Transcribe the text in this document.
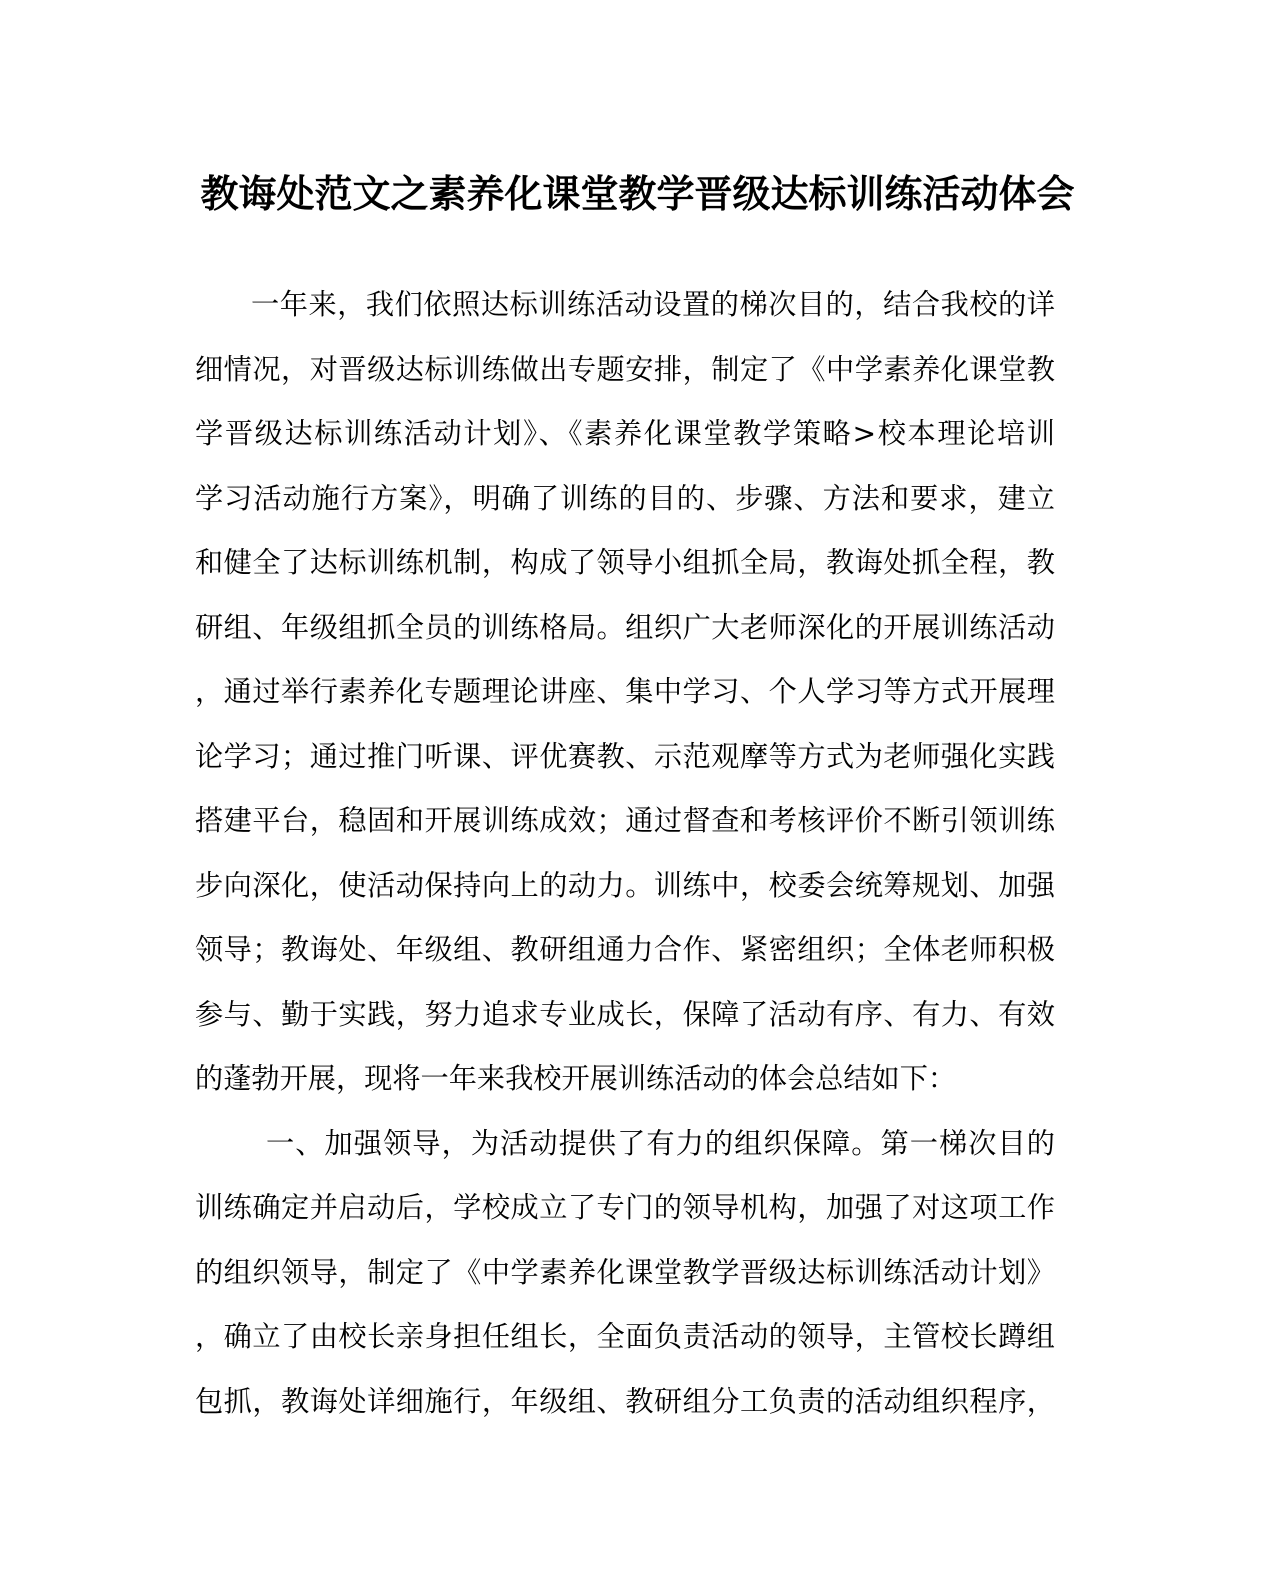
教诲处范文之素养化课堂教学晋级达标训练活动体会
一年来，我们依照达标训练活动设置的梯次目的，结合我校的详
细情况，对晋级达标训练做出专题安排，制定了《中学素养化课堂教
学晋级达标训练活动计划》、《素养化课堂教学策略>校本理论培训
学习活动施行方案》，明确了训练的目的、步骤、方法和要求，建立
和健全了达标训练机制，构成了领导小组抓全局，教诲处抓全程，教
研组、年级组抓全员的训练格局。组织广大老师深化的开展训练活动
，通过举行素养化专题理论讲座、集中学习、个人学习等方式开展理
论学习；通过推门听课、评优赛教、示范观摩等方式为老师强化实践
搭建平台，稳固和开展训练成效；通过督查和考核评价不断引领训练
步向深化，使活动保持向上的动力。训练中，校委会统筹规划、加强
领导；教诲处、年级组、教研组通力合作、紧密组织；全体老师积极
参与、勤于实践，努力追求专业成长，保障了活动有序、有力、有效
的蓬勃开展，现将一年来我校开展训练活动的体会总结如下：
一、加强领导，为活动提供了有力的组织保障。第一梯次目的
训练确定并启动后，学校成立了专门的领导机构，加强了对这项工作
的组织领导，制定了《中学素养化课堂教学晋级达标训练活动计划》
，确立了由校长亲身担任组长，全面负责活动的领导，主管校长蹲组
包抓，教诲处详细施行，年级组、教研组分工负责的活动组织程序，
